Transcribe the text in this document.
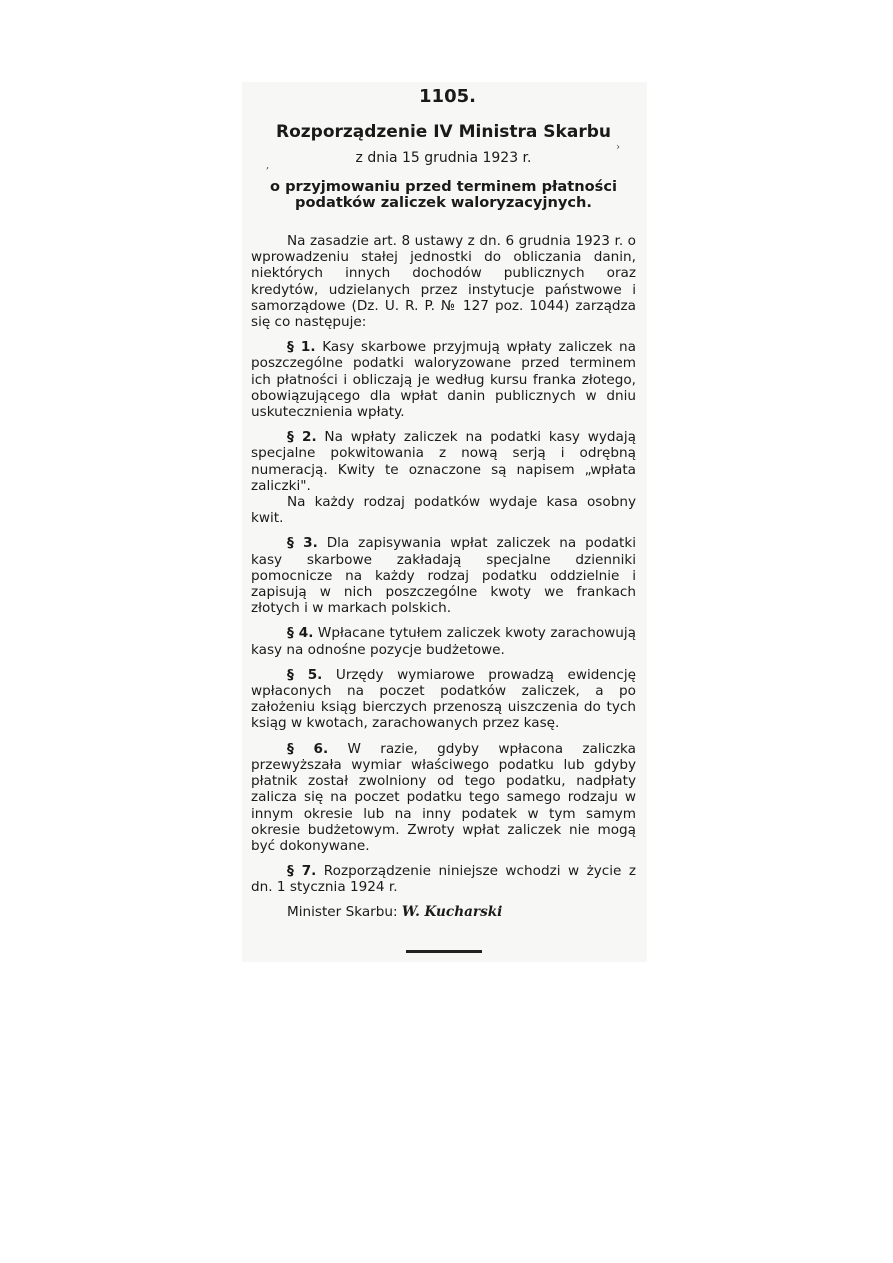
›
,
1105.
Rozporządzenie IV Ministra Skarbu
z dnia 15 grudnia 1923 r.
o przyjmowaniu przed terminem płatności podatków zaliczek waloryzacyjnych.

Na zasadzie art. 8 ustawy z dn. 6 grudnia 1923 r. o wprowadzeniu stałej jednostki do obliczania danin, niektórych innych dochodów publicznych oraz kredytów, udzielanych przez instytucje państwowe i samorządowe (Dz. U. R. P. № 127 poz. 1044) zarządza się co następuje:

§ 1. Kasy skarbowe przyjmują wpłaty zaliczek na poszczególne podatki waloryzowane przed terminem ich płatności i obliczają je według kursu franka złotego, obowiązującego dla wpłat danin publicznych w dniu uskutecznienia wpłaty.

§ 2. Na wpłaty zaliczek na podatki kasy wydają specjalne pokwitowania z nową serją i odrębną numeracją. Kwity te oznaczone są napisem „wpłata zaliczki".

Na każdy rodzaj podatków wydaje kasa osobny kwit.

§ 3. Dla zapisywania wpłat zaliczek na podatki kasy skarbowe zakładają specjalne dzienniki pomocnicze na każdy rodzaj podatku oddzielnie i zapisują w nich poszczególne kwoty we frankach złotych i w markach polskich.

§ 4. Wpłacane tytułem zaliczek kwoty zarachowują kasy na odnośne pozycje budżetowe.

§ 5. Urzędy wymiarowe prowadzą ewidencję wpłaconych na poczet podatków zaliczek, a po założeniu ksiąg bierczych przenoszą uiszczenia do tych ksiąg w kwotach, zarachowanych przez kasę.

§ 6. W razie, gdyby wpłacona zaliczka przewyższała wymiar właściwego podatku lub gdyby płatnik został zwolniony od tego podatku, nadpłaty zalicza się na poczet podatku tego samego rodzaju w innym okresie lub na inny podatek w tym samym okresie budżetowym. Zwroty wpłat zaliczek nie mogą być dokonywane.

§ 7. Rozporządzenie niniejsze wchodzi w życie z dn. 1 stycznia 1924 r.

Minister Skarbu: W. Kucharski
